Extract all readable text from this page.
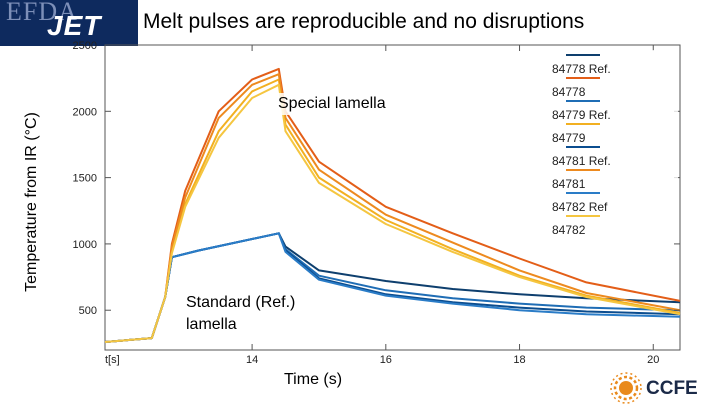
EFDA
JET Melt pulses are reproducible and no disruptions
Temperature from IR (°C)
500
1000
1500
2000
2500
14	16	18	20
t[s]
84778 Ref.
84778
84779 Ref.
84779
84781 Ref.
84781
84782 Ref
84782
Special lamella
Standard (Ref.) lamella
Time (s)	CCFE
